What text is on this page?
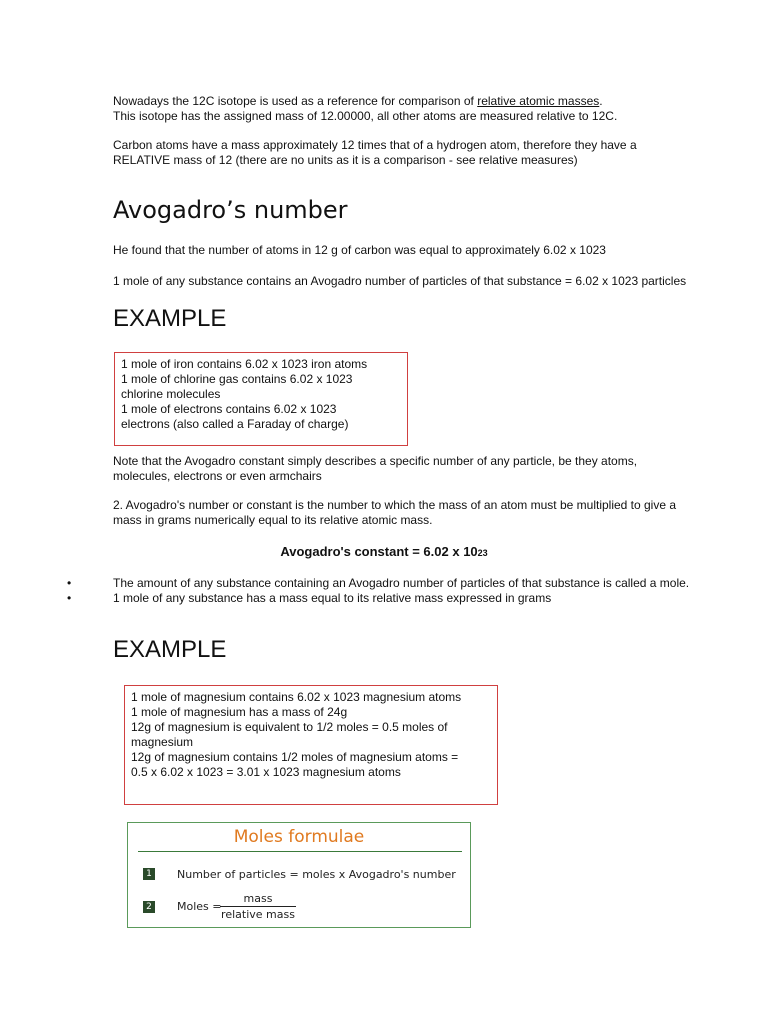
Nowadays the 12C isotope is used as a reference for comparison of relative atomic masses.
This isotope has the assigned mass of 12.00000, all other atoms are measured relative to 12C.
Carbon atoms have a mass approximately 12 times that of a hydrogen atom, therefore they have a
RELATIVE mass of 12 (there are no units as it is a comparison - see relative measures)
Avogadro’s number
He found that the number of atoms in 12 g of carbon was equal to approximately 6.02 x 1023
1 mole of any substance contains an Avogadro number of particles of that substance = 6.02 x 1023 particles
EXAMPLE
1 mole of iron contains 6.02 x 1023 iron atoms
1 mole of chlorine gas contains 6.02 x 1023
chlorine molecules
1 mole of electrons contains 6.02 x 1023
electrons (also called a Faraday of charge)
Note that the Avogadro constant simply describes a specific number of any particle, be they atoms,
molecules, electrons or even armchairs
2. Avogadro's number or constant is the number to which the mass of an atom must be multiplied to give a
mass in grams numerically equal to its relative atomic mass.
Avogadro's constant = 6.02 x 1023
•	The amount of any substance containing an Avogadro number of particles of that substance is called a mole.
•	1 mole of any substance has a mass equal to its relative mass expressed in grams
EXAMPLE
1 mole of magnesium contains 6.02 x 1023 magnesium atoms
1 mole of magnesium has a mass of 24g
12g of magnesium is equivalent to 1/2 moles = 0.5 moles of
magnesium
12g of magnesium contains 1/2 moles of magnesium atoms =
0.5 x 6.02 x 1023 = 3.01 x 1023 magnesium atoms
Moles formulae
1 Number of particles = moles x Avogadro's number
2 Moles =
mass
relative mass
